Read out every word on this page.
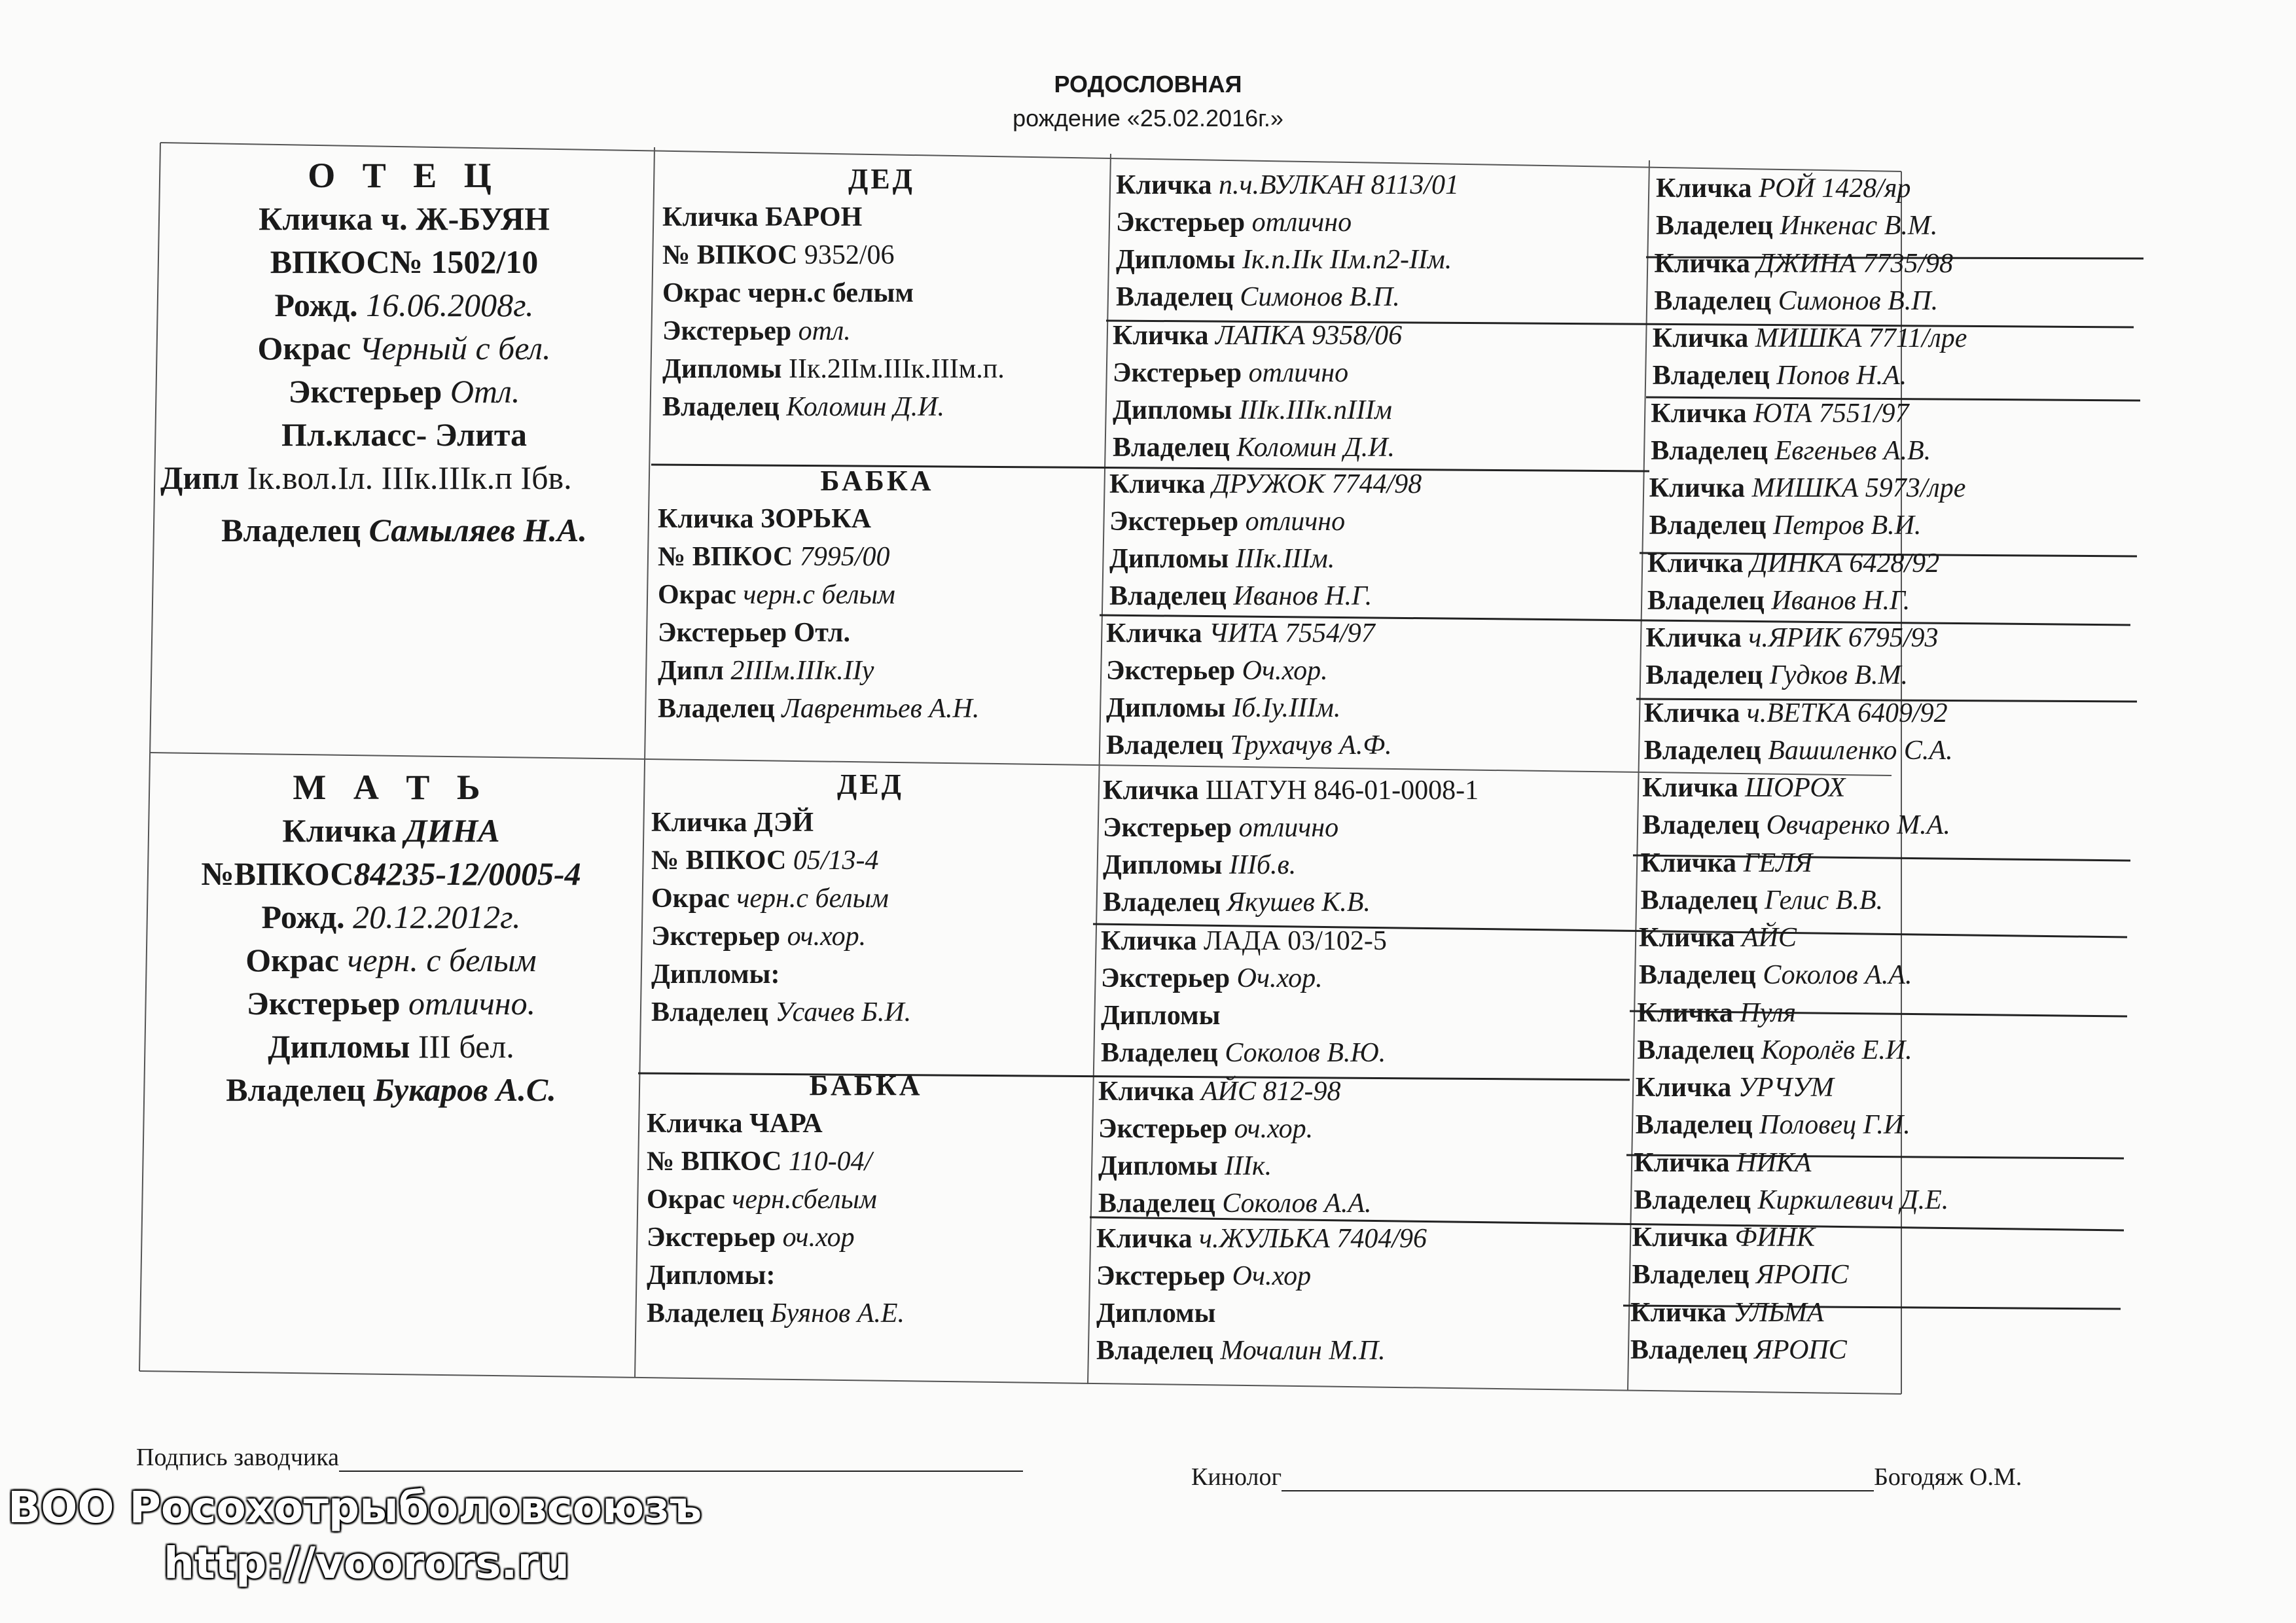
РОДОСЛОВНАЯ
рождение «25.02.2016г.»
О Т Е Ц
Кличка ч. Ж-БУЯН
ВПКОС№ 1502/10
Рожд. 16.06.2008г.
Окрас Черный с бел.
Экстерьер Отл.
Пл.класс- Элита
Дипл Iк.вол.Iл. IIIк.IIIк.п Iбв.
Владелец Самыляев Н.А.
М А Т Ь
Кличка ДИНА
№ВПКОС84235-12/0005-4
Рожд. 20.12.2012г.
Окрас черн. с белым
Экстерьер отлично.
Дипломы III бел.
Владелец Букаров А.С.
ДЕД
Кличка БАРОН
№ ВПКОС 9352/06
Окрас черн.с белым
Экстерьер отл.
Дипломы IIк.2IIм.IIIк.IIIм.п.
Владелец Коломин Д.И.
БАБКА
Кличка ЗОРЬКА
№ ВПКОС 7995/00
Окрас черн.с белым
Экстерьер Отл.
Дипл 2IIIм.IIIк.IIу
Владелец Лаврентьев А.Н.
ДЕД
Кличка ДЭЙ
№ ВПКОС 05/13-4
Окрас черн.с белым
Экстерьер оч.хор.
Дипломы:
Владелец Усачев Б.И.
БАБКА
Кличка ЧАРА
№ ВПКОС 110-04/
Окрас черн.сбелым
Экстерьер оч.хор
Дипломы:
Владелец Буянов А.Е.
Кличка п.ч.ВУЛКАН 8113/01
Экстерьер отлично
Дипломы Iк.п.IIк IIм.п2-IIм.
Владелец Симонов В.П.
Кличка ЛАПКА 9358/06
Экстерьер отлично
Дипломы IIIк.IIIк.пIIIм
Владелец Коломин Д.И.
Кличка ДРУЖОК 7744/98
Экстерьер отлично
Дипломы IIIк.IIIм.
Владелец Иванов Н.Г.
Кличка ЧИТА 7554/97
Экстерьер Оч.хор.
Дипломы Iб.Iу.IIIм.
Владелец Трухачув А.Ф.
Кличка ШАТУН 846-01-0008-1
Экстерьер отлично
Дипломы IIIб.в.
Владелец Якушев К.В.
Кличка ЛАДА 03/102-5
Экстерьер Оч.хор.
Дипломы
Владелец Соколов В.Ю.
Кличка АЙС 812-98
Экстерьер оч.хор.
Дипломы IIIк.
Владелец Соколов А.А.
Кличка ч.ЖУЛЬКА 7404/96
Экстерьер Оч.хор
Дипломы
Владелец Мочалин М.П.
Кличка РОЙ 1428/яр
Владелец Инкенас В.М.
Кличка ДЖИНА 7735/98
Владелец Симонов В.П.
Кличка МИШКА 7711/лре
Владелец Попов Н.А.
Кличка ЮТА 7551/97
Владелец Евгеньев А.В.
Кличка МИШКА 5973/лре
Владелец Петров В.И.
Кличка ДИНКА 6428/92
Владелец Иванов Н.Г.
Кличка ч.ЯРИК 6795/93
Владелец Гудков В.М.
Кличка ч.ВЕТКА 6409/92
Владелец Вашиленко С.А.
Кличка ШОРОХ
Владелец Овчаренко М.А.
Кличка ГЕЛЯ
Владелец Гелис В.В.
Кличка АЙС
Владелец Соколов А.А.
Кличка Пуля
Владелец Королёв Е.И.
Кличка УРЧУМ
Владелец Половец Г.И.
Кличка НИКА
Владелец Киркилевич Д.Е.
Кличка ФИНК
Владелец ЯРОПС
Кличка УЛЬМА
Владелец ЯРОПС
Подпись заводчика
Кинолог	Богодяж О.М.
ВОО Росохотрыболовсоюзъ
http://voorors.ru
